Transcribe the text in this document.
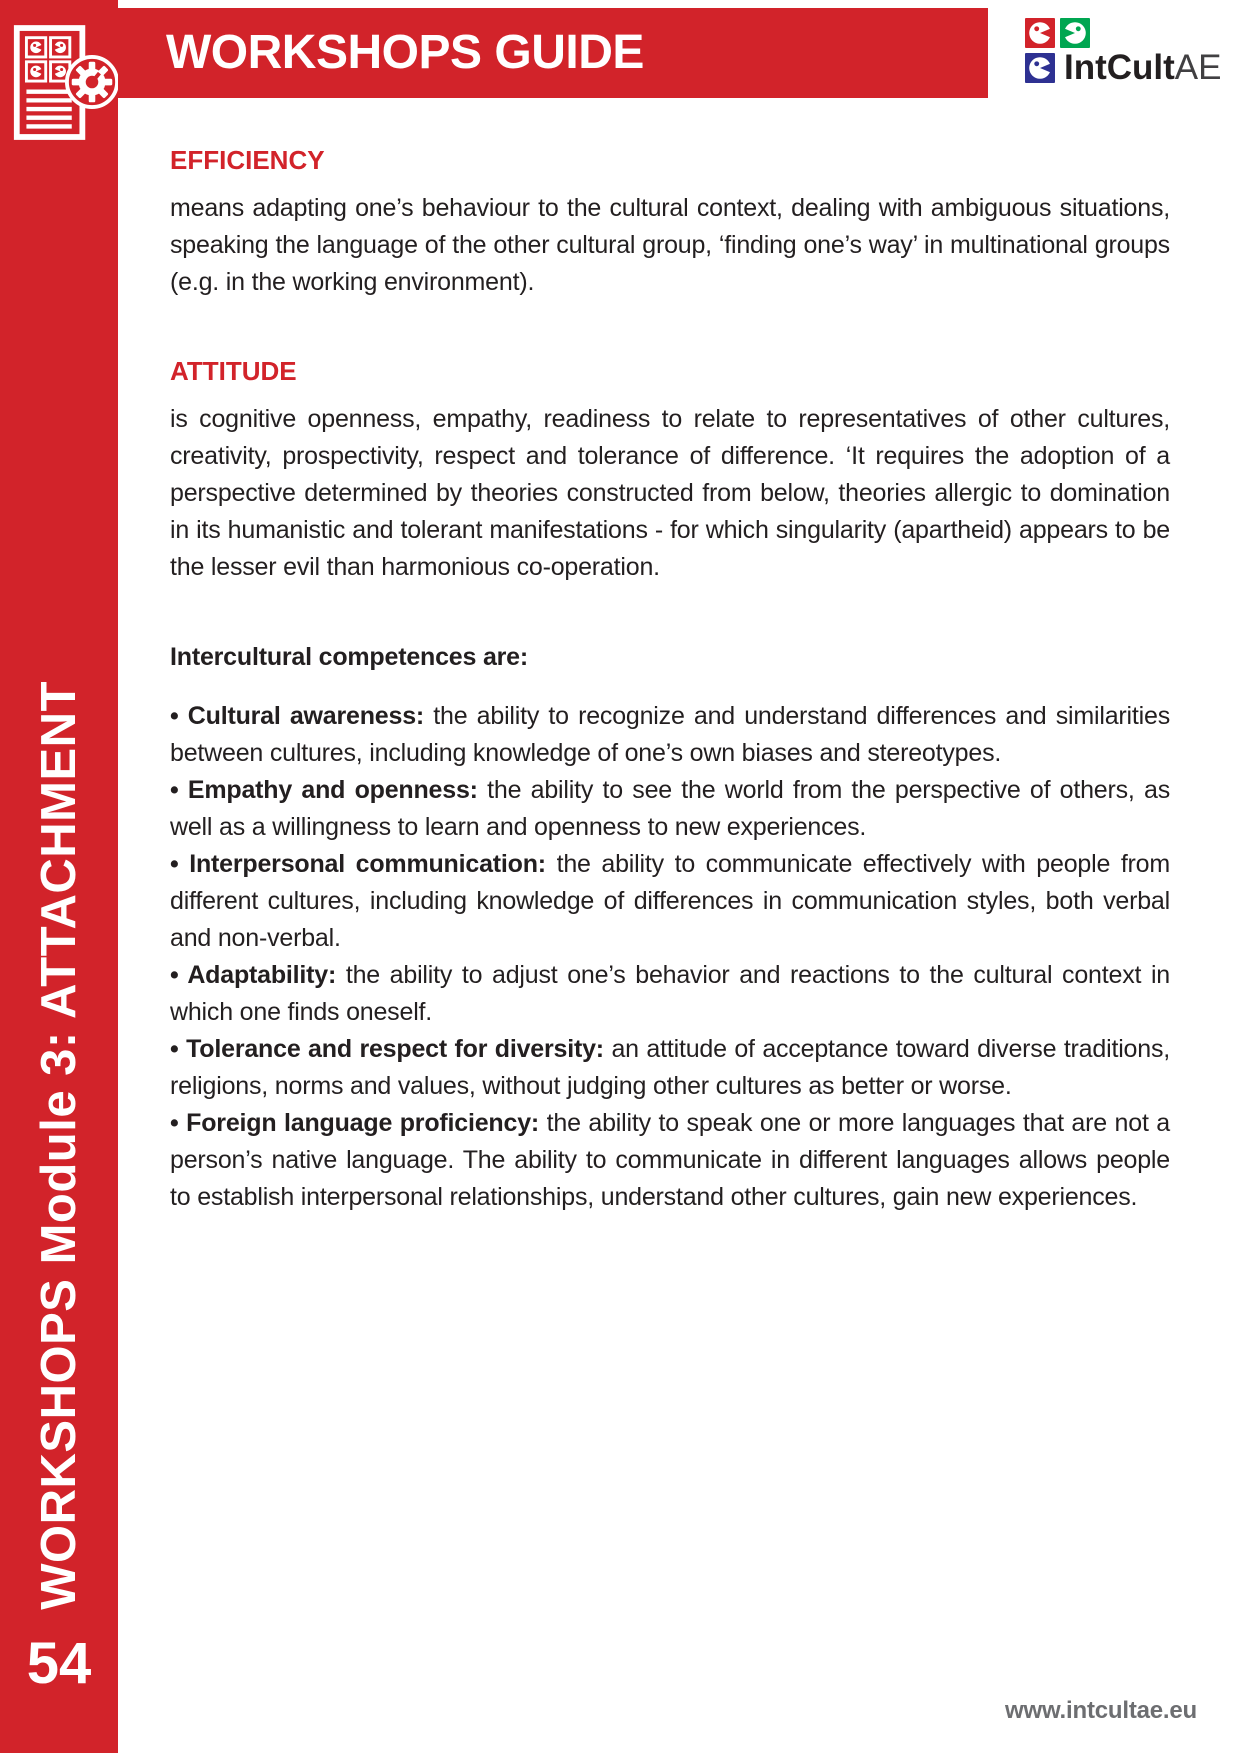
WORKSHOPS Module 3: ATTACHMENT
54
WORKSHOPS GUIDE	IntCultAE
EFFICIENCY

means adapting one’s behaviour to the cultural context, dealing with ambiguous situations, speaking the language of the other cultural group, ‘finding one’s way’ in multinational groups (e.g. in the working environment).

ATTITUDE

is cognitive openness, empathy, readiness to relate to representatives of other cultures, creativity, prospectivity, respect and tolerance of difference. ‘It requires the adoption of a perspective determined by theories constructed from below, theories allergic to domination in its humanistic and tolerant manifestations - for which singularity (apartheid) appears to be the lesser evil than harmonious co-operation.

Intercultural competences are:

• Cultural awareness: the ability to recognize and understand differences and similarities between cultures, including knowledge of one’s own biases and stereotypes.

• Empathy and openness: the ability to see the world from the perspective of others, as well as a willingness to learn and openness to new experiences.

• Interpersonal communication: the ability to communicate effectively with people from different cultures, including knowledge of differences in communication styles, both verbal and non-verbal.

• Adaptability: the ability to adjust one’s behavior and reactions to the cultural context in which one finds oneself.

• Tolerance and respect for diversity: an attitude of acceptance toward diverse traditions, religions, norms and values, without judging other cultures as better or worse.

• Foreign language proficiency: the ability to speak one or more languages that are not a person’s native language. The ability to communicate in different languages allows people to establish interpersonal relationships, understand other cultures, gain new experiences.

www.intcultae.eu
